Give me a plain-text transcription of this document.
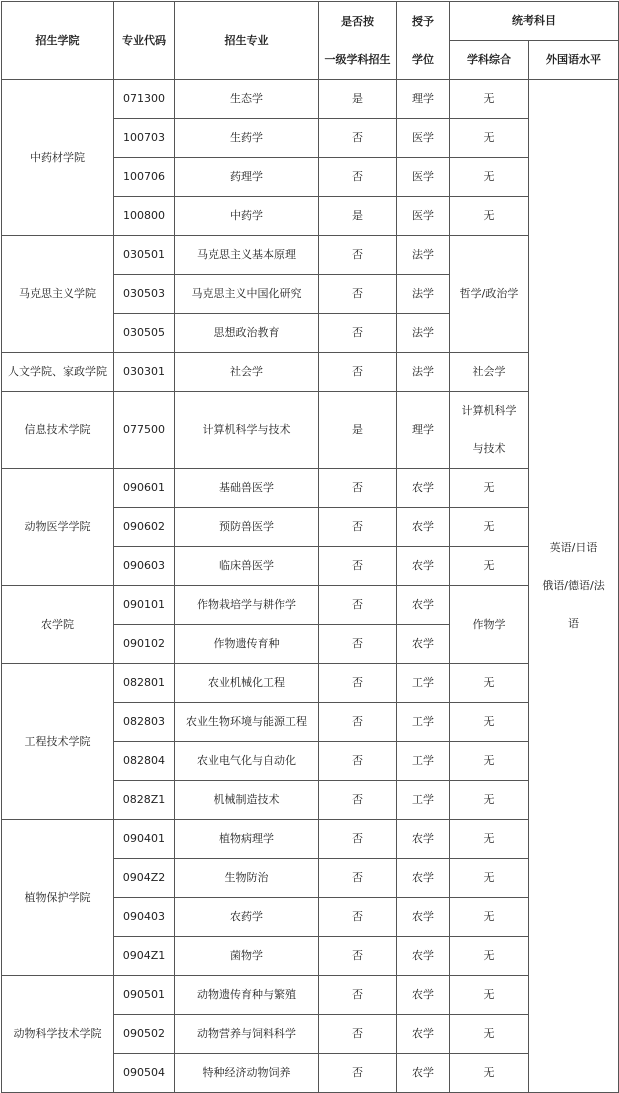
招生学院	专业代码	招生专业	是否按
一级学科招生	授予
学位	统考科目	
					学科综合	外国语水平
中药材学院	071300	生态学	是	理学	无	英语/日语
俄语/德语/法
语
	100703	生药学	否	医学	无	
	100706	药理学	否	医学	无	
	100800	中药学	是	医学	无	
马克思主义学院	030501	马克思主义基本原理	否	法学	哲学/政治学	
	030503	马克思主义中国化研究	否	法学		
	030505	思想政治教育	否	法学		
人文学院、家政学院	030301	社会学	否	法学	社会学	
信息技术学院	077500	计算机科学与技术	是	理学	计算机科学
与技术	
动物医学学院	090601	基础兽医学	否	农学	无	
	090602	预防兽医学	否	农学	无	
	090603	临床兽医学	否	农学	无	
农学院	090101	作物栽培学与耕作学	否	农学	作物学	
	090102	作物遗传育种	否	农学		
工程技术学院	082801	农业机械化工程	否	工学	无	
	082803	农业生物环境与能源工程	否	工学	无	
	082804	农业电气化与自动化	否	工学	无	
	0828Z1	机械制造技术	否	工学	无	
植物保护学院	090401	植物病理学	否	农学	无	
	0904Z2	生物防治	否	农学	无	
	090403	农药学	否	农学	无	
	0904Z1	菌物学	否	农学	无	
动物科学技术学院	090501	动物遗传育种与繁殖	否	农学	无	
	090502	动物营养与饲料科学	否	农学	无	
	090504	特种经济动物饲养	否	农学	无	
